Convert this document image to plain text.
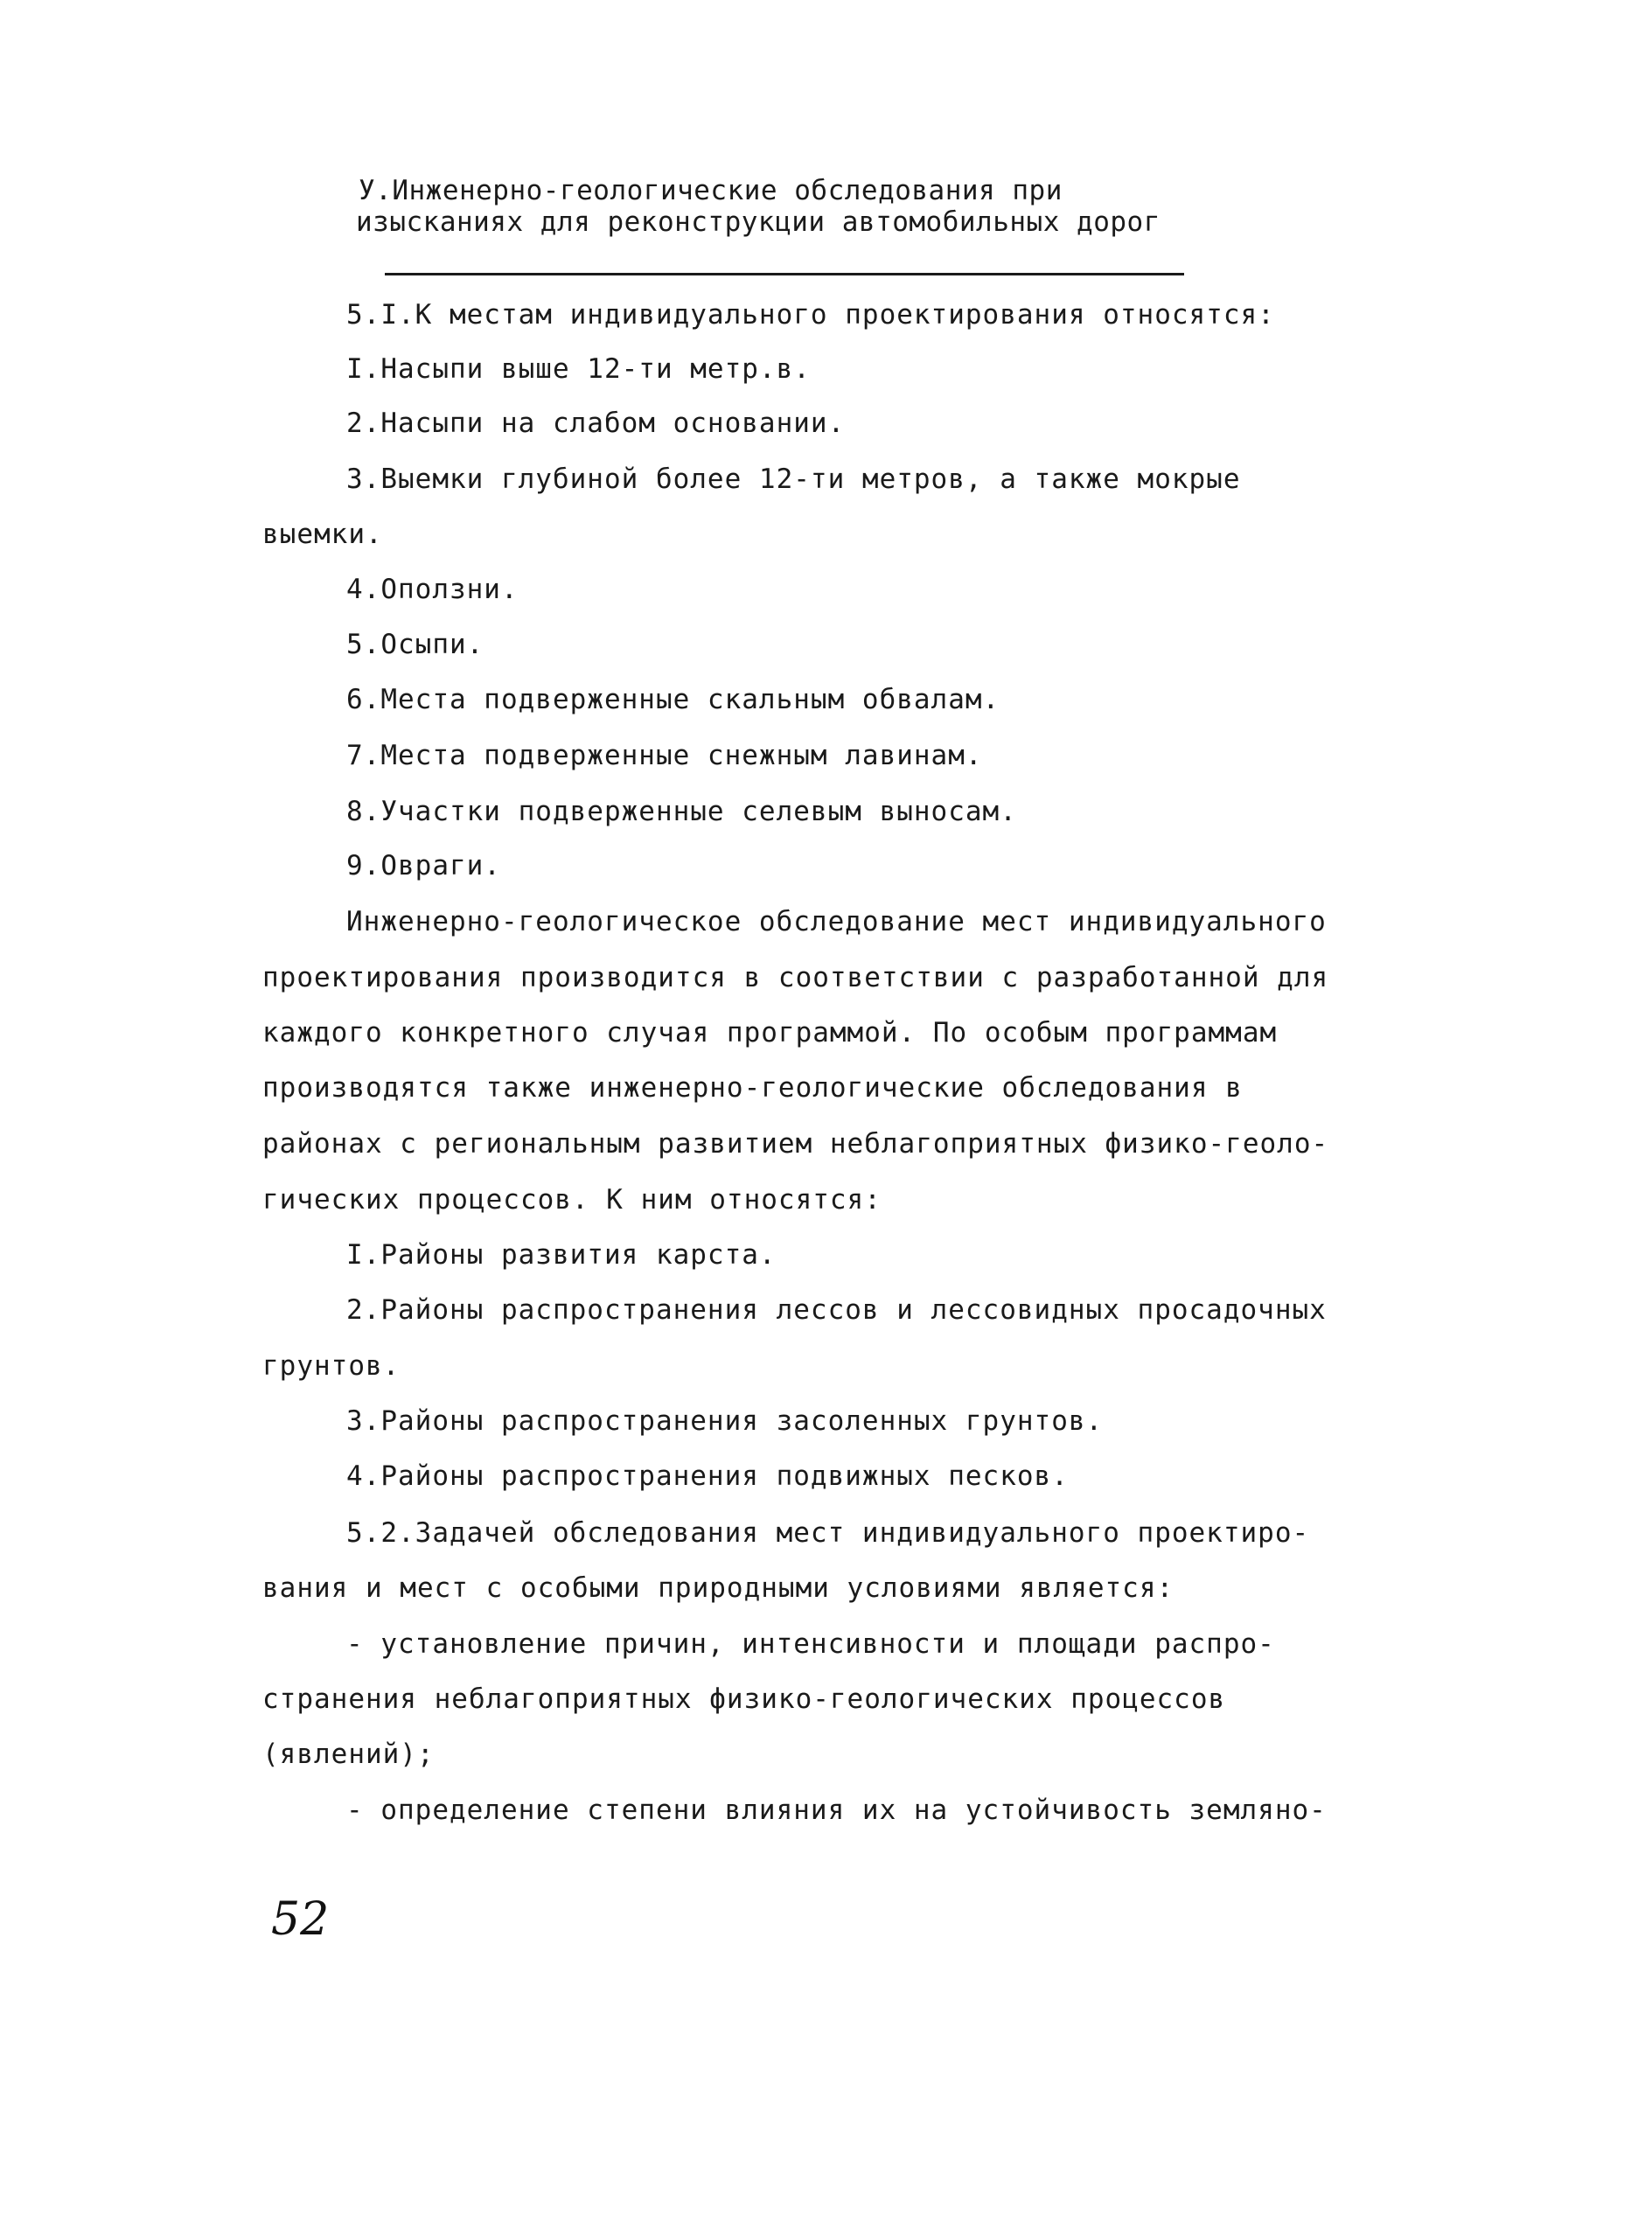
У.Инженерно-геологические обследования при
изысканиях для реконструкции автомобильных дорог
5.I.К местам индивидуального проектирования относятся:
I.Насыпи выше 12-ти метр.в.
2.Насыпи на слабом основании.
3.Выемки глубиной более 12-ти метров, а также мокрые
выемки.
4.Оползни.
5.Осыпи.
6.Места подверженные скальным обвалам.
7.Места подверженные снежным лавинам.
8.Участки подверженные селевым выносам.
9.Овраги.
Инженерно-геологическое обследование мест индивидуального
проектирования производится в соответствии с разработанной для
каждого конкретного случая программой. По особым программам
производятся также инженерно-геологические обследования в
районах с региональным развитием неблагоприятных физико-геоло-
гических процессов. К ним относятся:
I.Районы развития карста.
2.Районы распространения лессов и лессовидных просадочных
грунтов.
3.Районы распространения засоленных грунтов.
4.Районы распространения подвижных песков.
5.2.Задачей обследования мест индивидуального проектиро-
вания и мест с особыми природными условиями является:
- установление причин, интенсивности и площади распро-
странения неблагоприятных физико-геологических процессов
(явлений);
- определение степени влияния их на устойчивость земляно-
52
